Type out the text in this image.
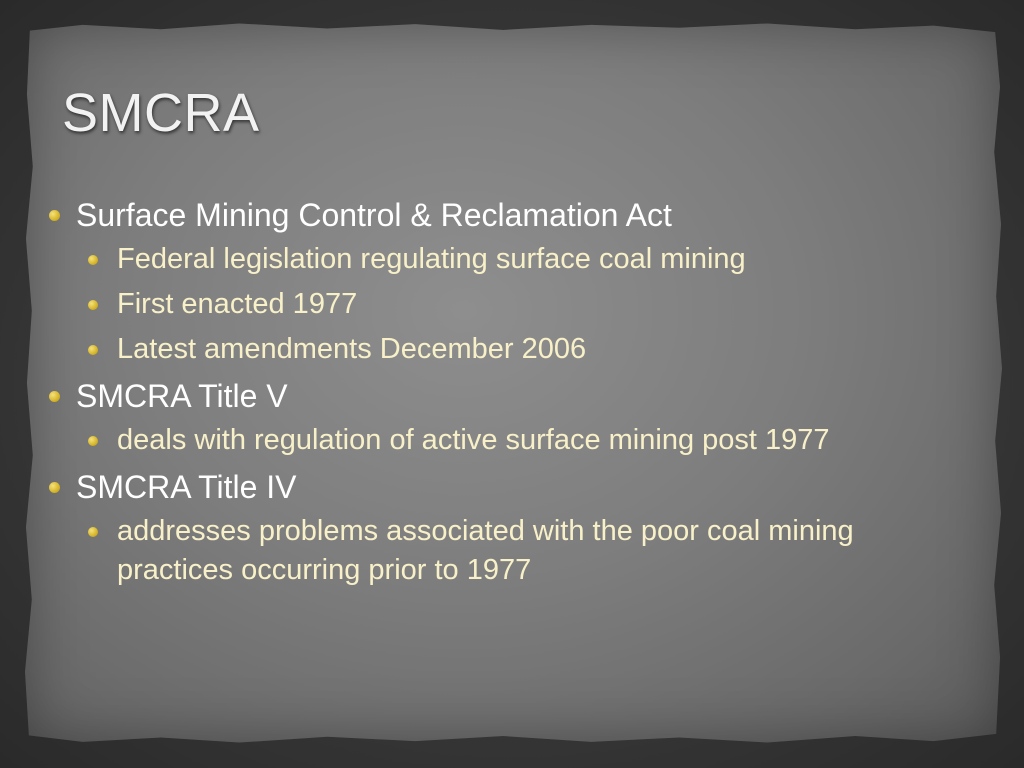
SMCRA
Surface Mining Control & Reclamation Act
Federal legislation regulating surface coal mining
First enacted 1977
Latest amendments December 2006
SMCRA Title V
deals with regulation of active surface mining post 1977
SMCRA Title IV
addresses problems associated with the poor coal mining practices occurring prior to 1977
